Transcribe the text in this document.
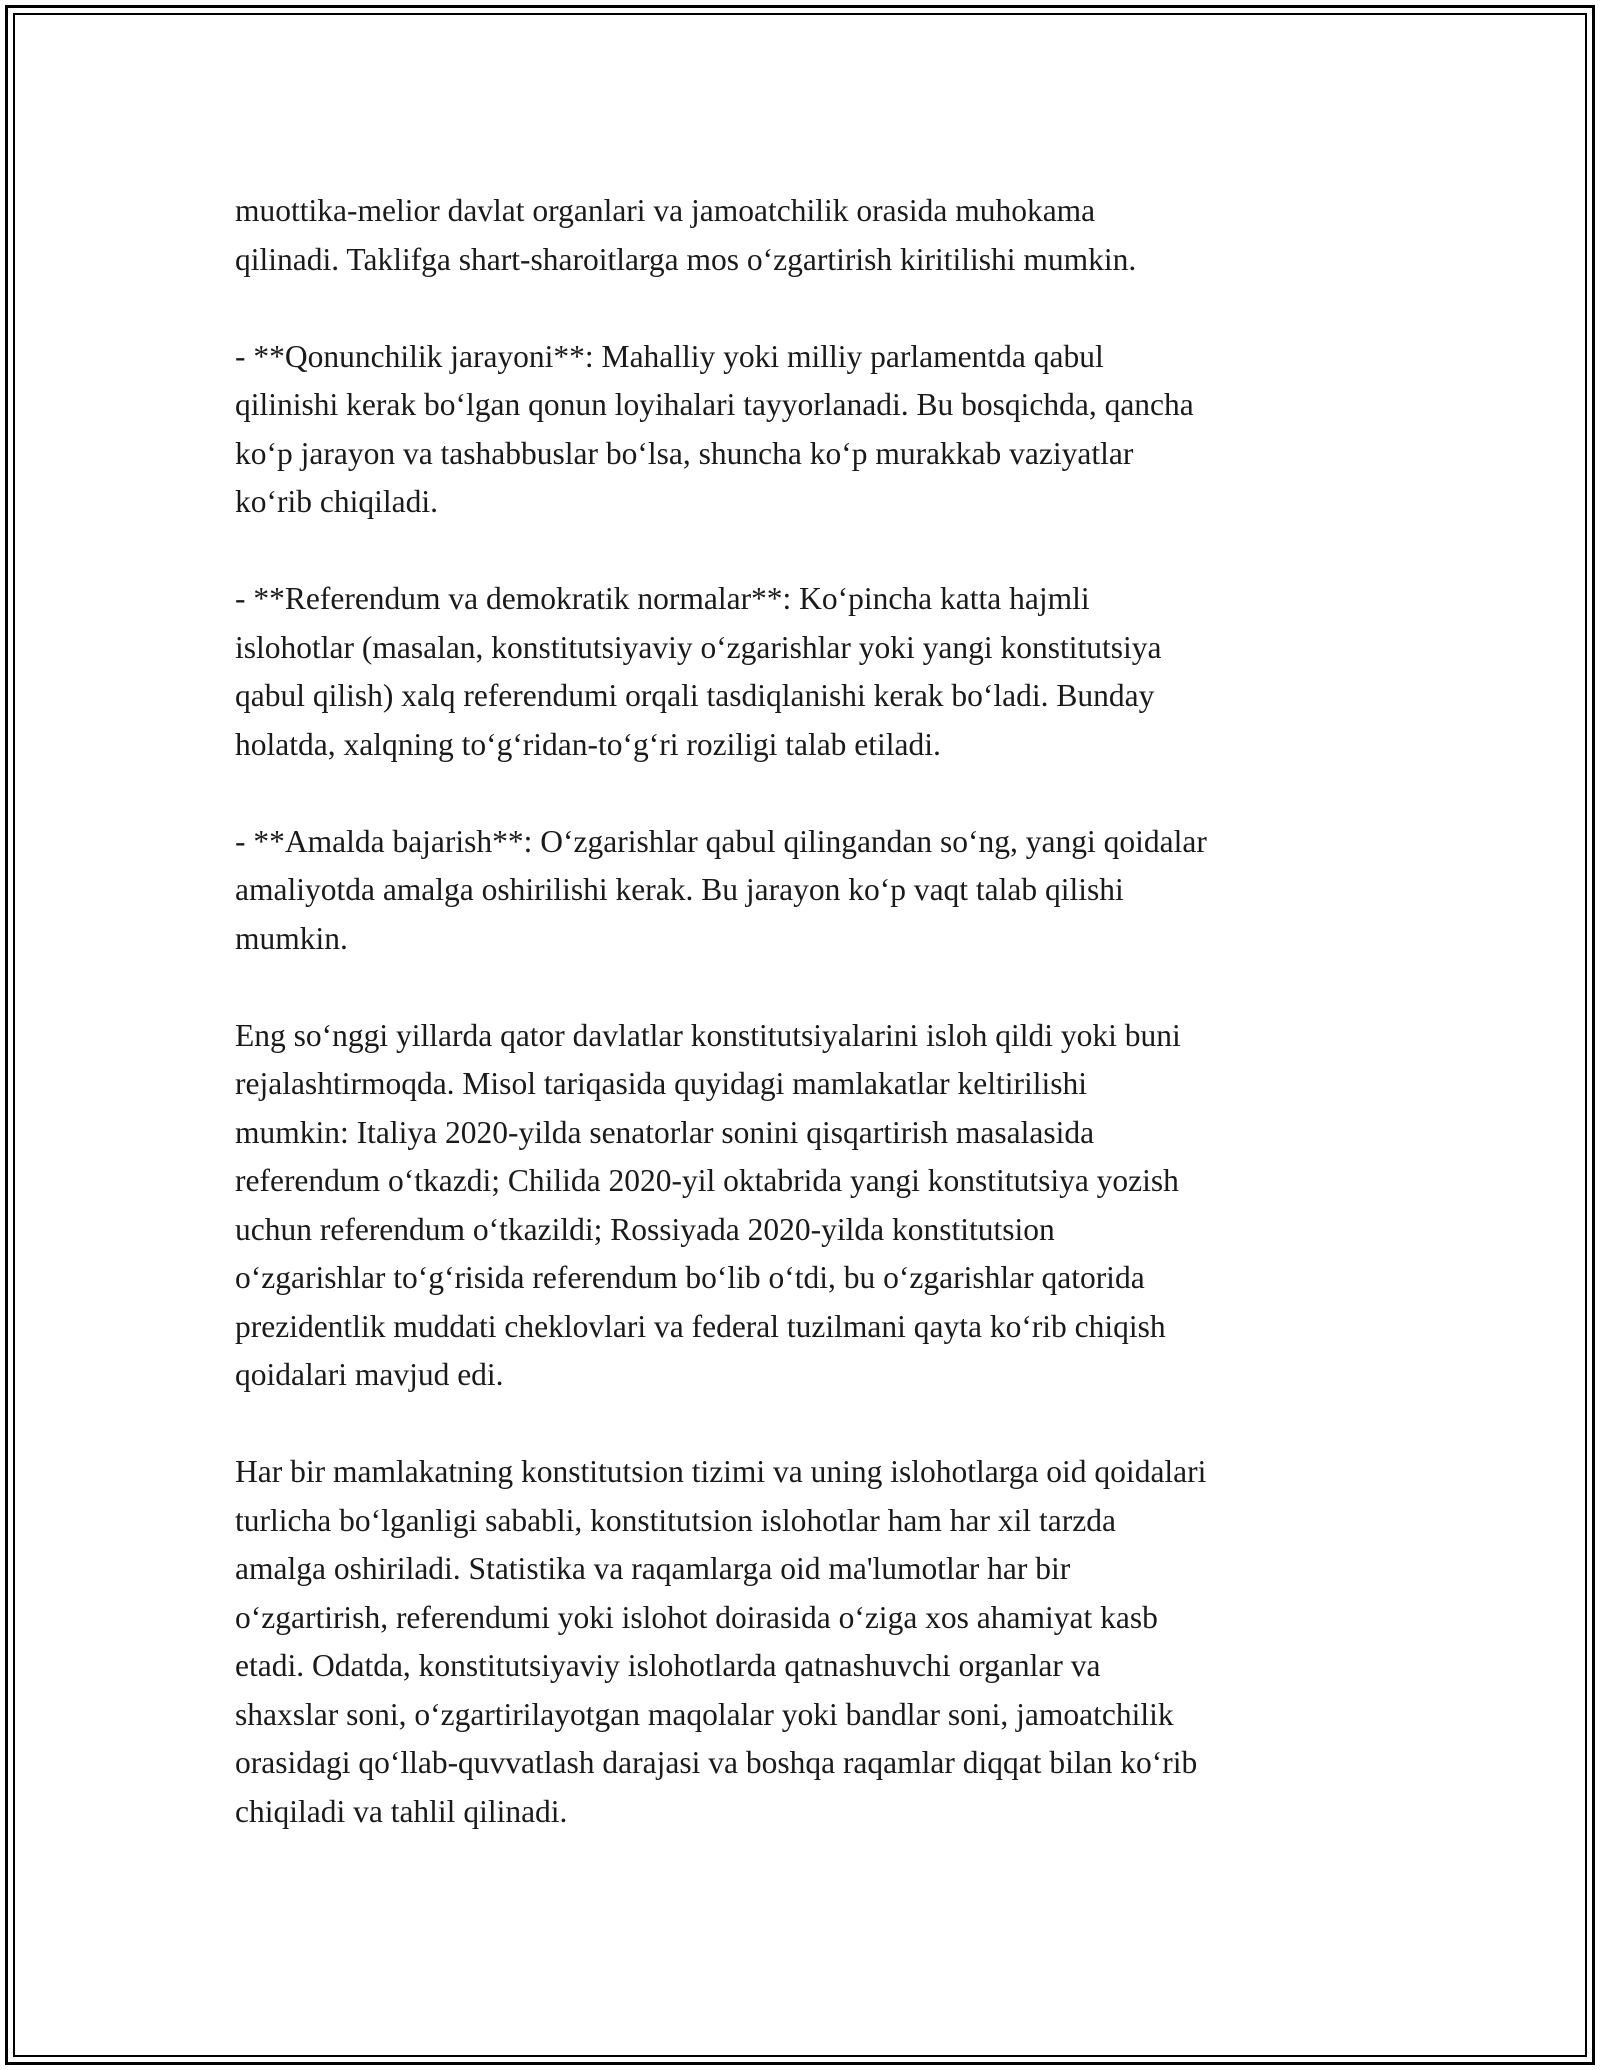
muottika-melior davlat organlari va jamoatchilik orasida muhokama
qilinadi. Taklifga shart-sharoitlarga mos o‘zgartirish kiritilishi mumkin.

- **Qonunchilik jarayoni**: Mahalliy yoki milliy parlamentda qabul
qilinishi kerak bo‘lgan qonun loyihalari tayyorlanadi. Bu bosqichda, qancha
ko‘p jarayon va tashabbuslar bo‘lsa, shuncha ko‘p murakkab vaziyatlar
ko‘rib chiqiladi.

- **Referendum va demokratik normalar**: Ko‘pincha katta hajmli
islohotlar (masalan, konstitutsiyaviy o‘zgarishlar yoki yangi konstitutsiya
qabul qilish) xalq referendumi orqali tasdiqlanishi kerak bo‘ladi. Bunday
holatda, xalqning to‘g‘ridan-to‘g‘ri roziligi talab etiladi.

- **Amalda bajarish**: O‘zgarishlar qabul qilingandan so‘ng, yangi qoidalar
amaliyotda amalga oshirilishi kerak. Bu jarayon ko‘p vaqt talab qilishi
mumkin.

Eng so‘nggi yillarda qator davlatlar konstitutsiyalarini isloh qildi yoki buni
rejalashtirmoqda. Misol tariqasida quyidagi mamlakatlar keltirilishi
mumkin: Italiya 2020-yilda senatorlar sonini qisqartirish masalasida
referendum o‘tkazdi; Chilida 2020-yil oktabrida yangi konstitutsiya yozish
uchun referendum o‘tkazildi; Rossiyada 2020-yilda konstitutsion
o‘zgarishlar to‘g‘risida referendum bo‘lib o‘tdi, bu o‘zgarishlar qatorida
prezidentlik muddati cheklovlari va federal tuzilmani qayta ko‘rib chiqish
qoidalari mavjud edi.

Har bir mamlakatning konstitutsion tizimi va uning islohotlarga oid qoidalari
turlicha bo‘lganligi sababli, konstitutsion islohotlar ham har xil tarzda
amalga oshiriladi. Statistika va raqamlarga oid ma'lumotlar har bir
o‘zgartirish, referendumi yoki islohot doirasida o‘ziga xos ahamiyat kasb
etadi. Odatda, konstitutsiyaviy islohotlarda qatnashuvchi organlar va
shaxslar soni, o‘zgartirilayotgan maqolalar yoki bandlar soni, jamoatchilik
orasidagi qo‘llab-quvvatlash darajasi va boshqa raqamlar diqqat bilan ko‘rib
chiqiladi va tahlil qilinadi.
